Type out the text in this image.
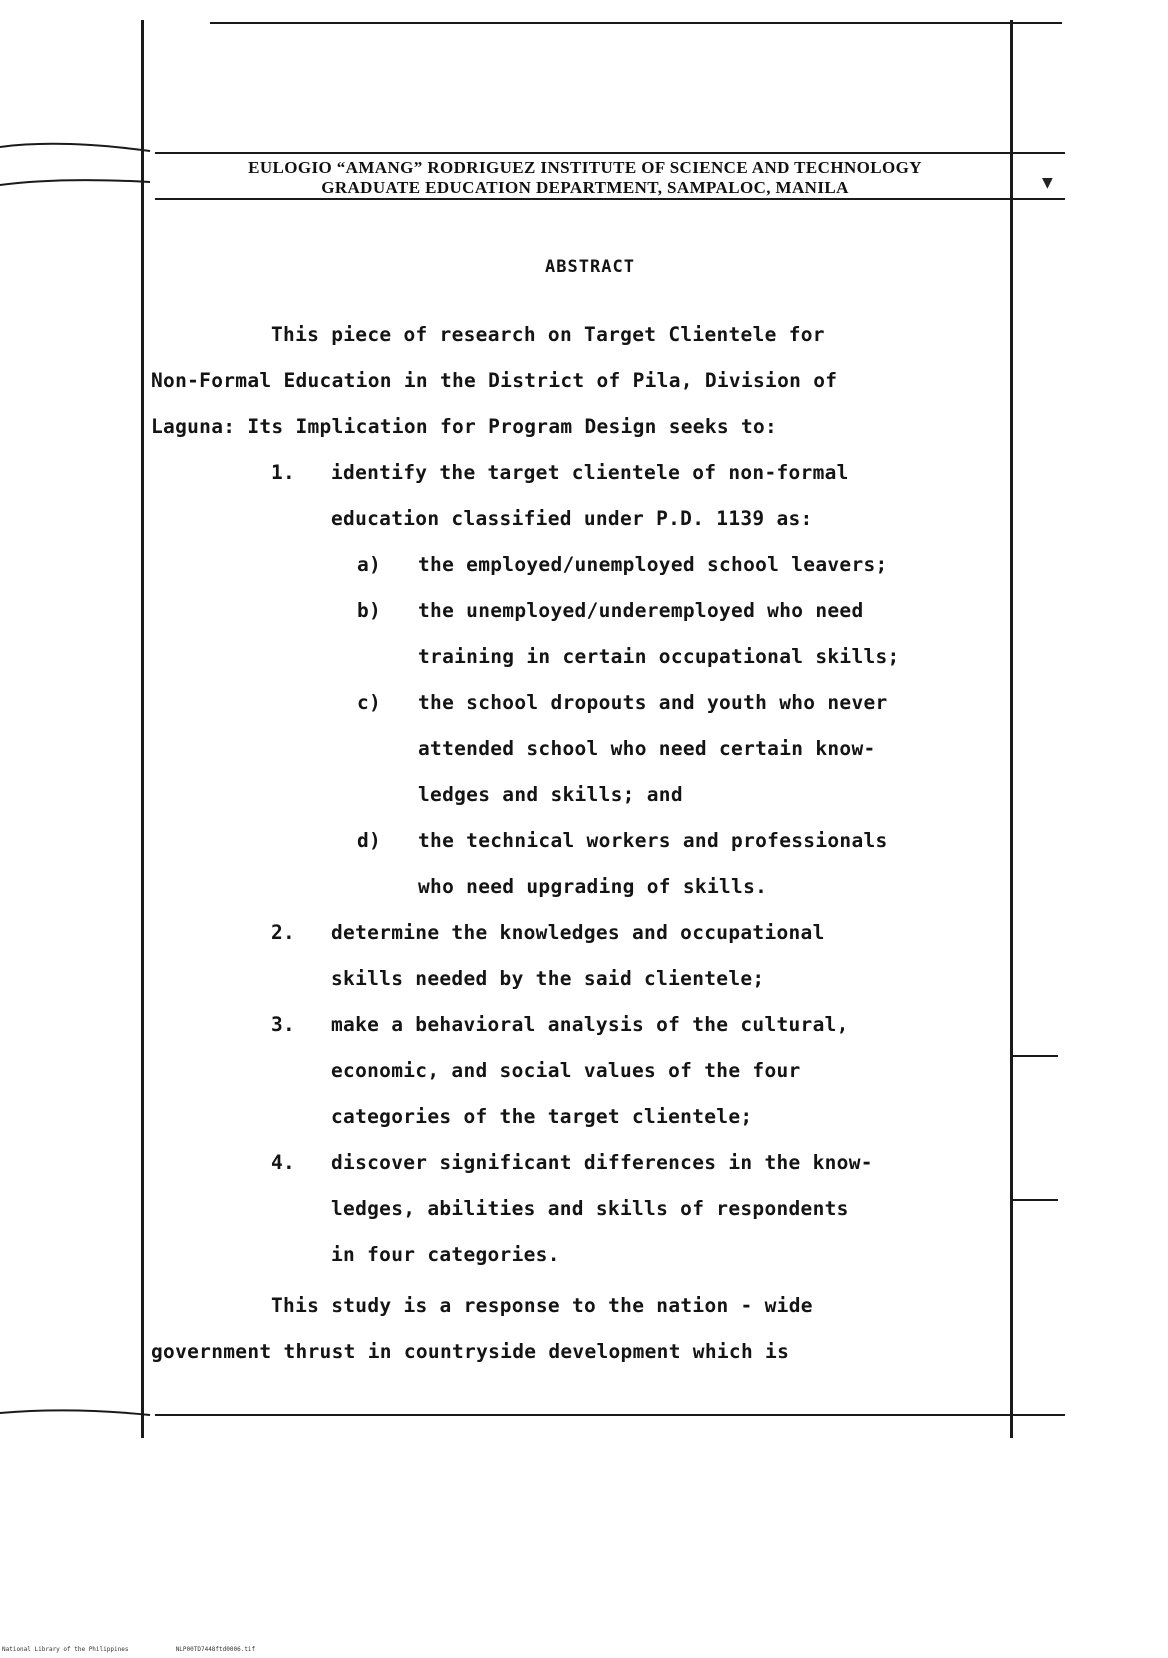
▼
EULOGIO “AMANG” RODRIGUEZ INSTITUTE OF SCIENCE AND TECHNOLOGY
GRADUATE EDUCATION DEPARTMENT, SAMPALOC, MANILA
ABSTRACT
This piece of research on Target Clientele for
Non-Formal Education in the District of Pila, Division of
Laguna: Its Implication for Program Design seeks to:
1. identify the target clientele of non-formal
education classified under P.D. 1139 as:
a) the employed/unemployed school leavers;
b) the unemployed/underemployed who need
training in certain occupational skills;
c) the school dropouts and youth who never
attended school who need certain know-
ledges and skills; and
d) the technical workers and professionals
who need upgrading of skills.
2. determine the knowledges and occupational
skills needed by the said clientele;
3. make a behavioral analysis of the cultural,
economic, and social values of the four
categories of the target clientele;
4. discover significant differences in the know-
ledges, abilities and skills of respondents
in four categories.
This study is a response to the nation - wide
government thrust in countryside development which is
National Library of the Philippines	NLP00TD7448ftd0006.tif
